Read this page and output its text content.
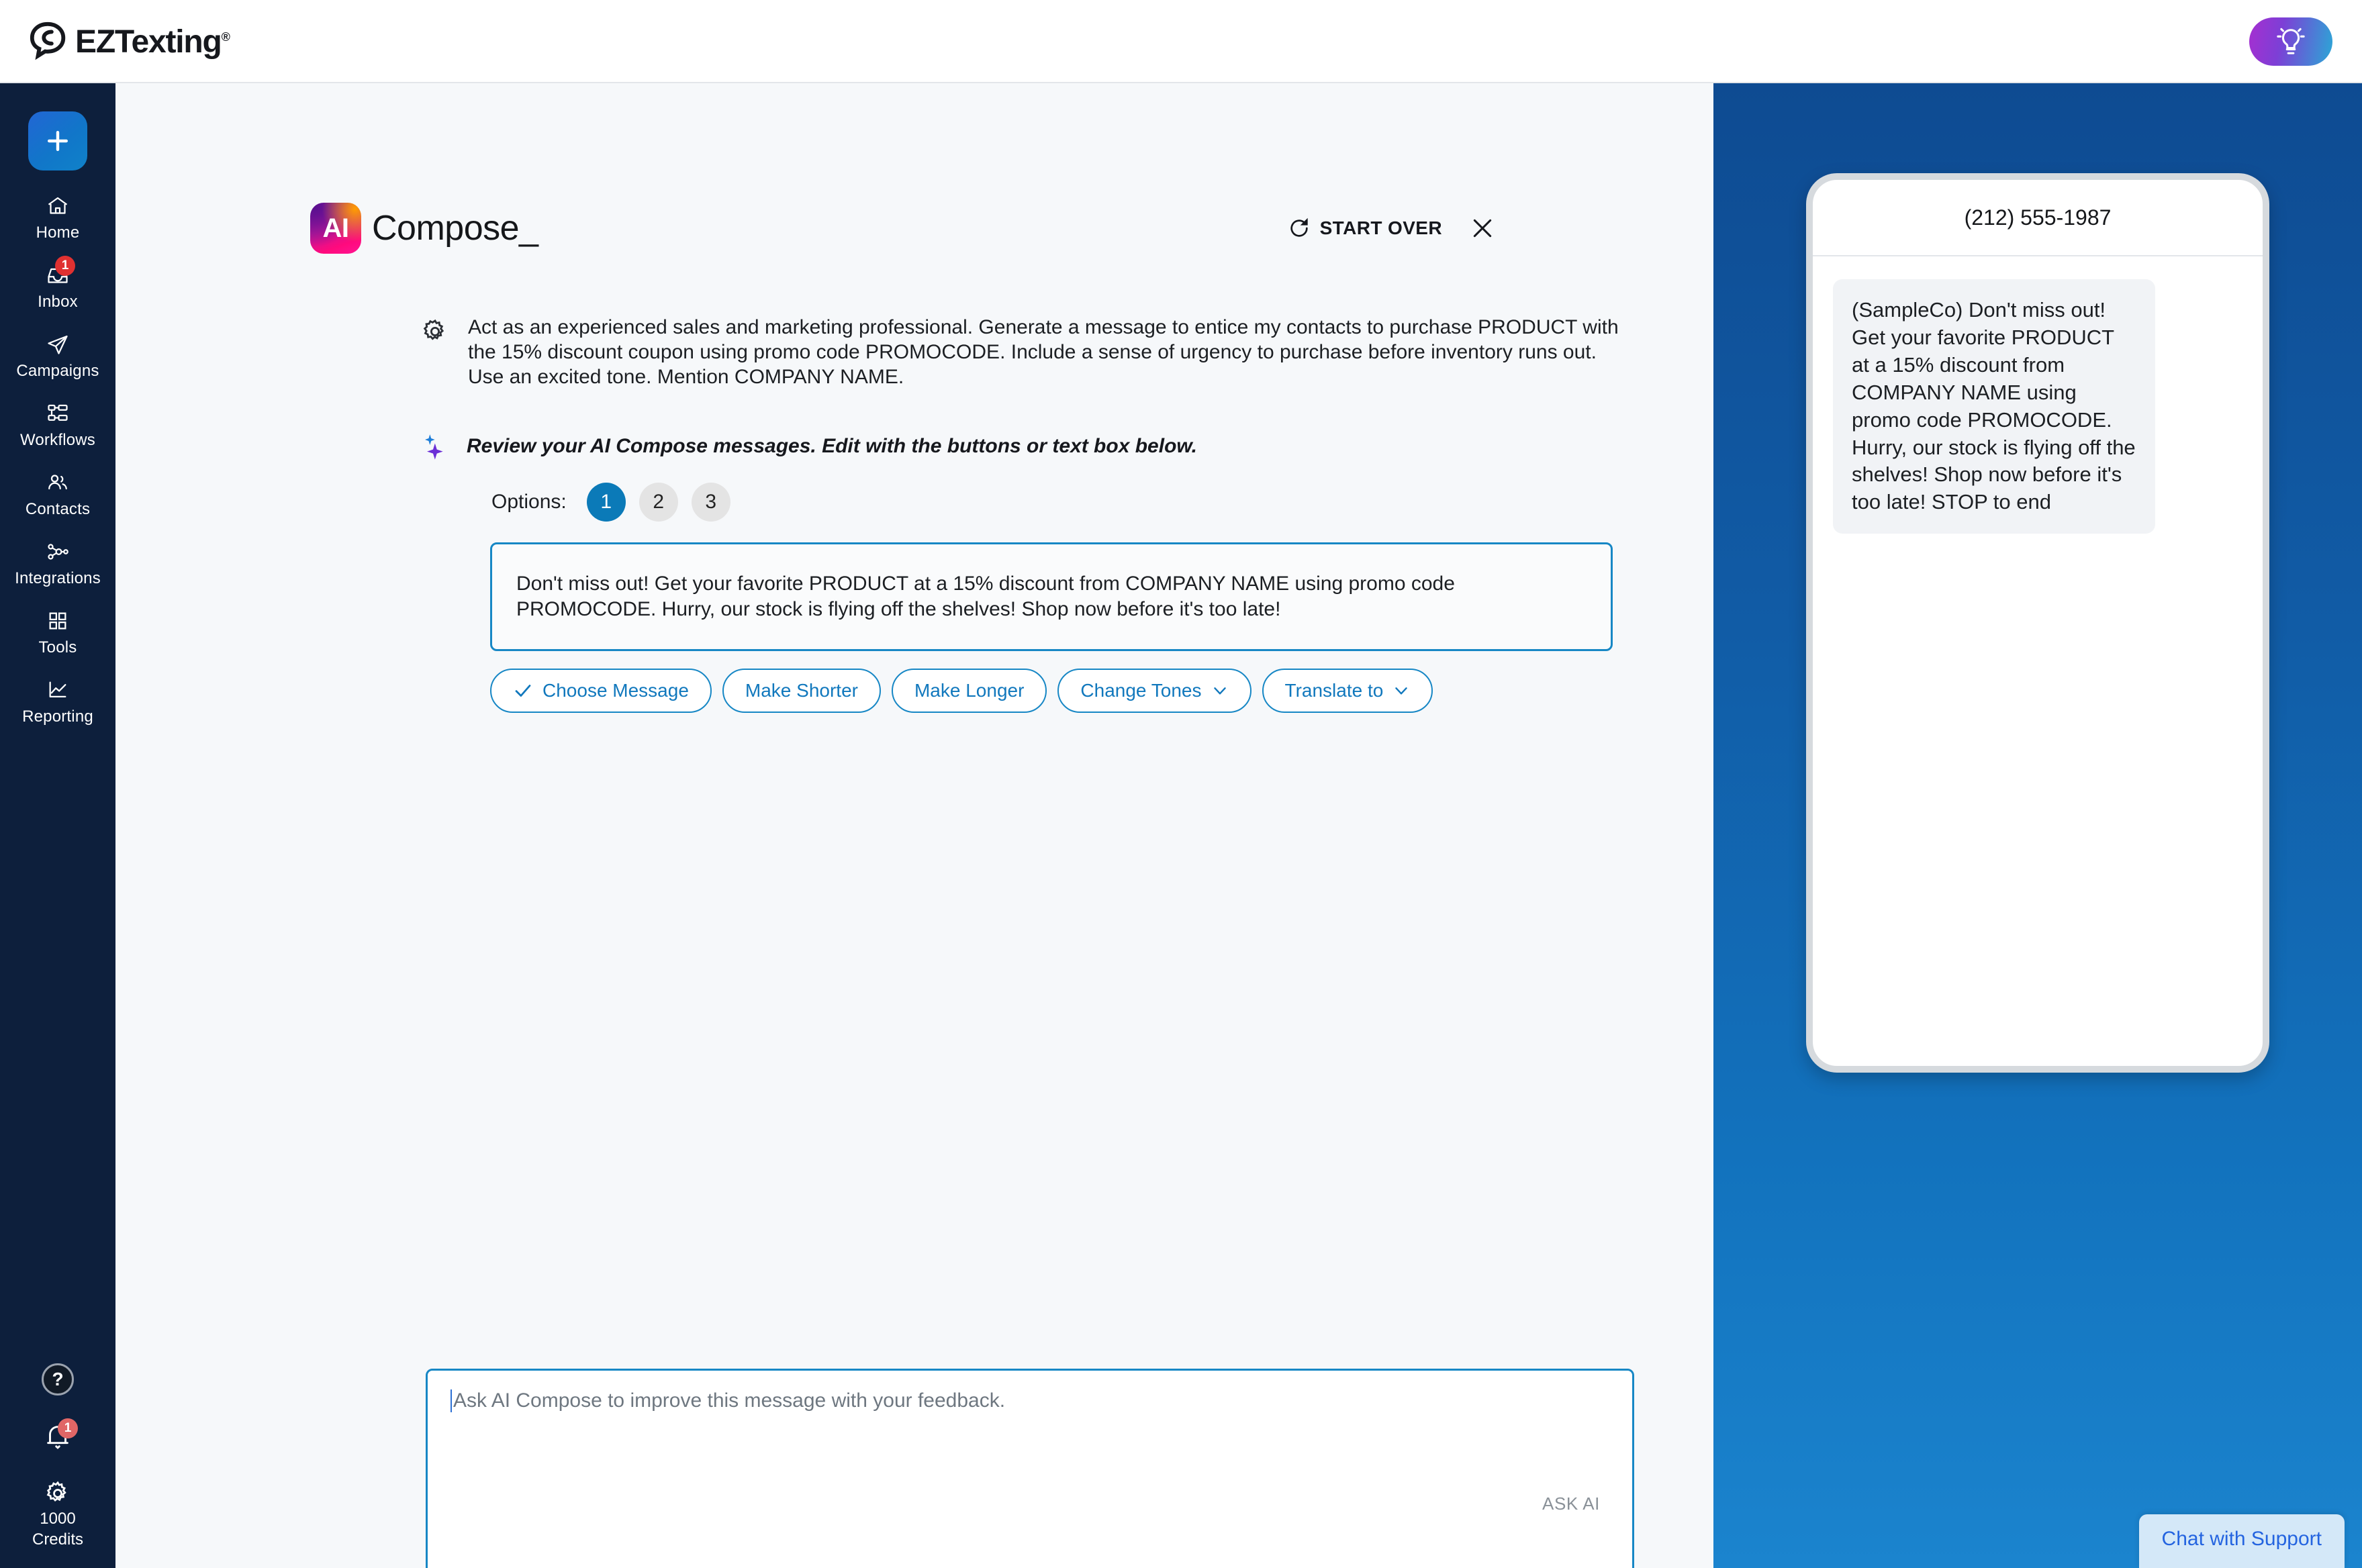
EZTexting®
Home
1
Inbox
Campaigns
Workflows
Contacts
Integrations
Tools
Reporting
?
1
1000
Credits
AI Compose_	START OVER
Act as an experienced sales and marketing professional. Generate a message to entice my contacts to purchase PRODUCT with the 15% discount coupon using promo code PROMOCODE. Include a sense of urgency to purchase before inventory runs out. Use an excited tone. Mention COMPANY NAME.
Review your AI Compose messages. Edit with the buttons or text box below.
Options:	1	2	3
Don't miss out! Get your favorite PRODUCT at a 15% discount from COMPANY NAME using promo code PROMOCODE. Hurry, our stock is flying off the shelves! Shop now before it's too late!
Choose Message	Make Shorter	Make Longer	Change Tones	Translate to
Ask AI Compose to improve this message with your feedback.
ASK AI
(212) 555-1987
(SampleCo) Don't miss out! Get your favorite PRODUCT at a 15% discount from COMPANY NAME using promo code PROMOCODE. Hurry, our stock is flying off the shelves! Shop now before it's too late! STOP to end
Chat with Support
